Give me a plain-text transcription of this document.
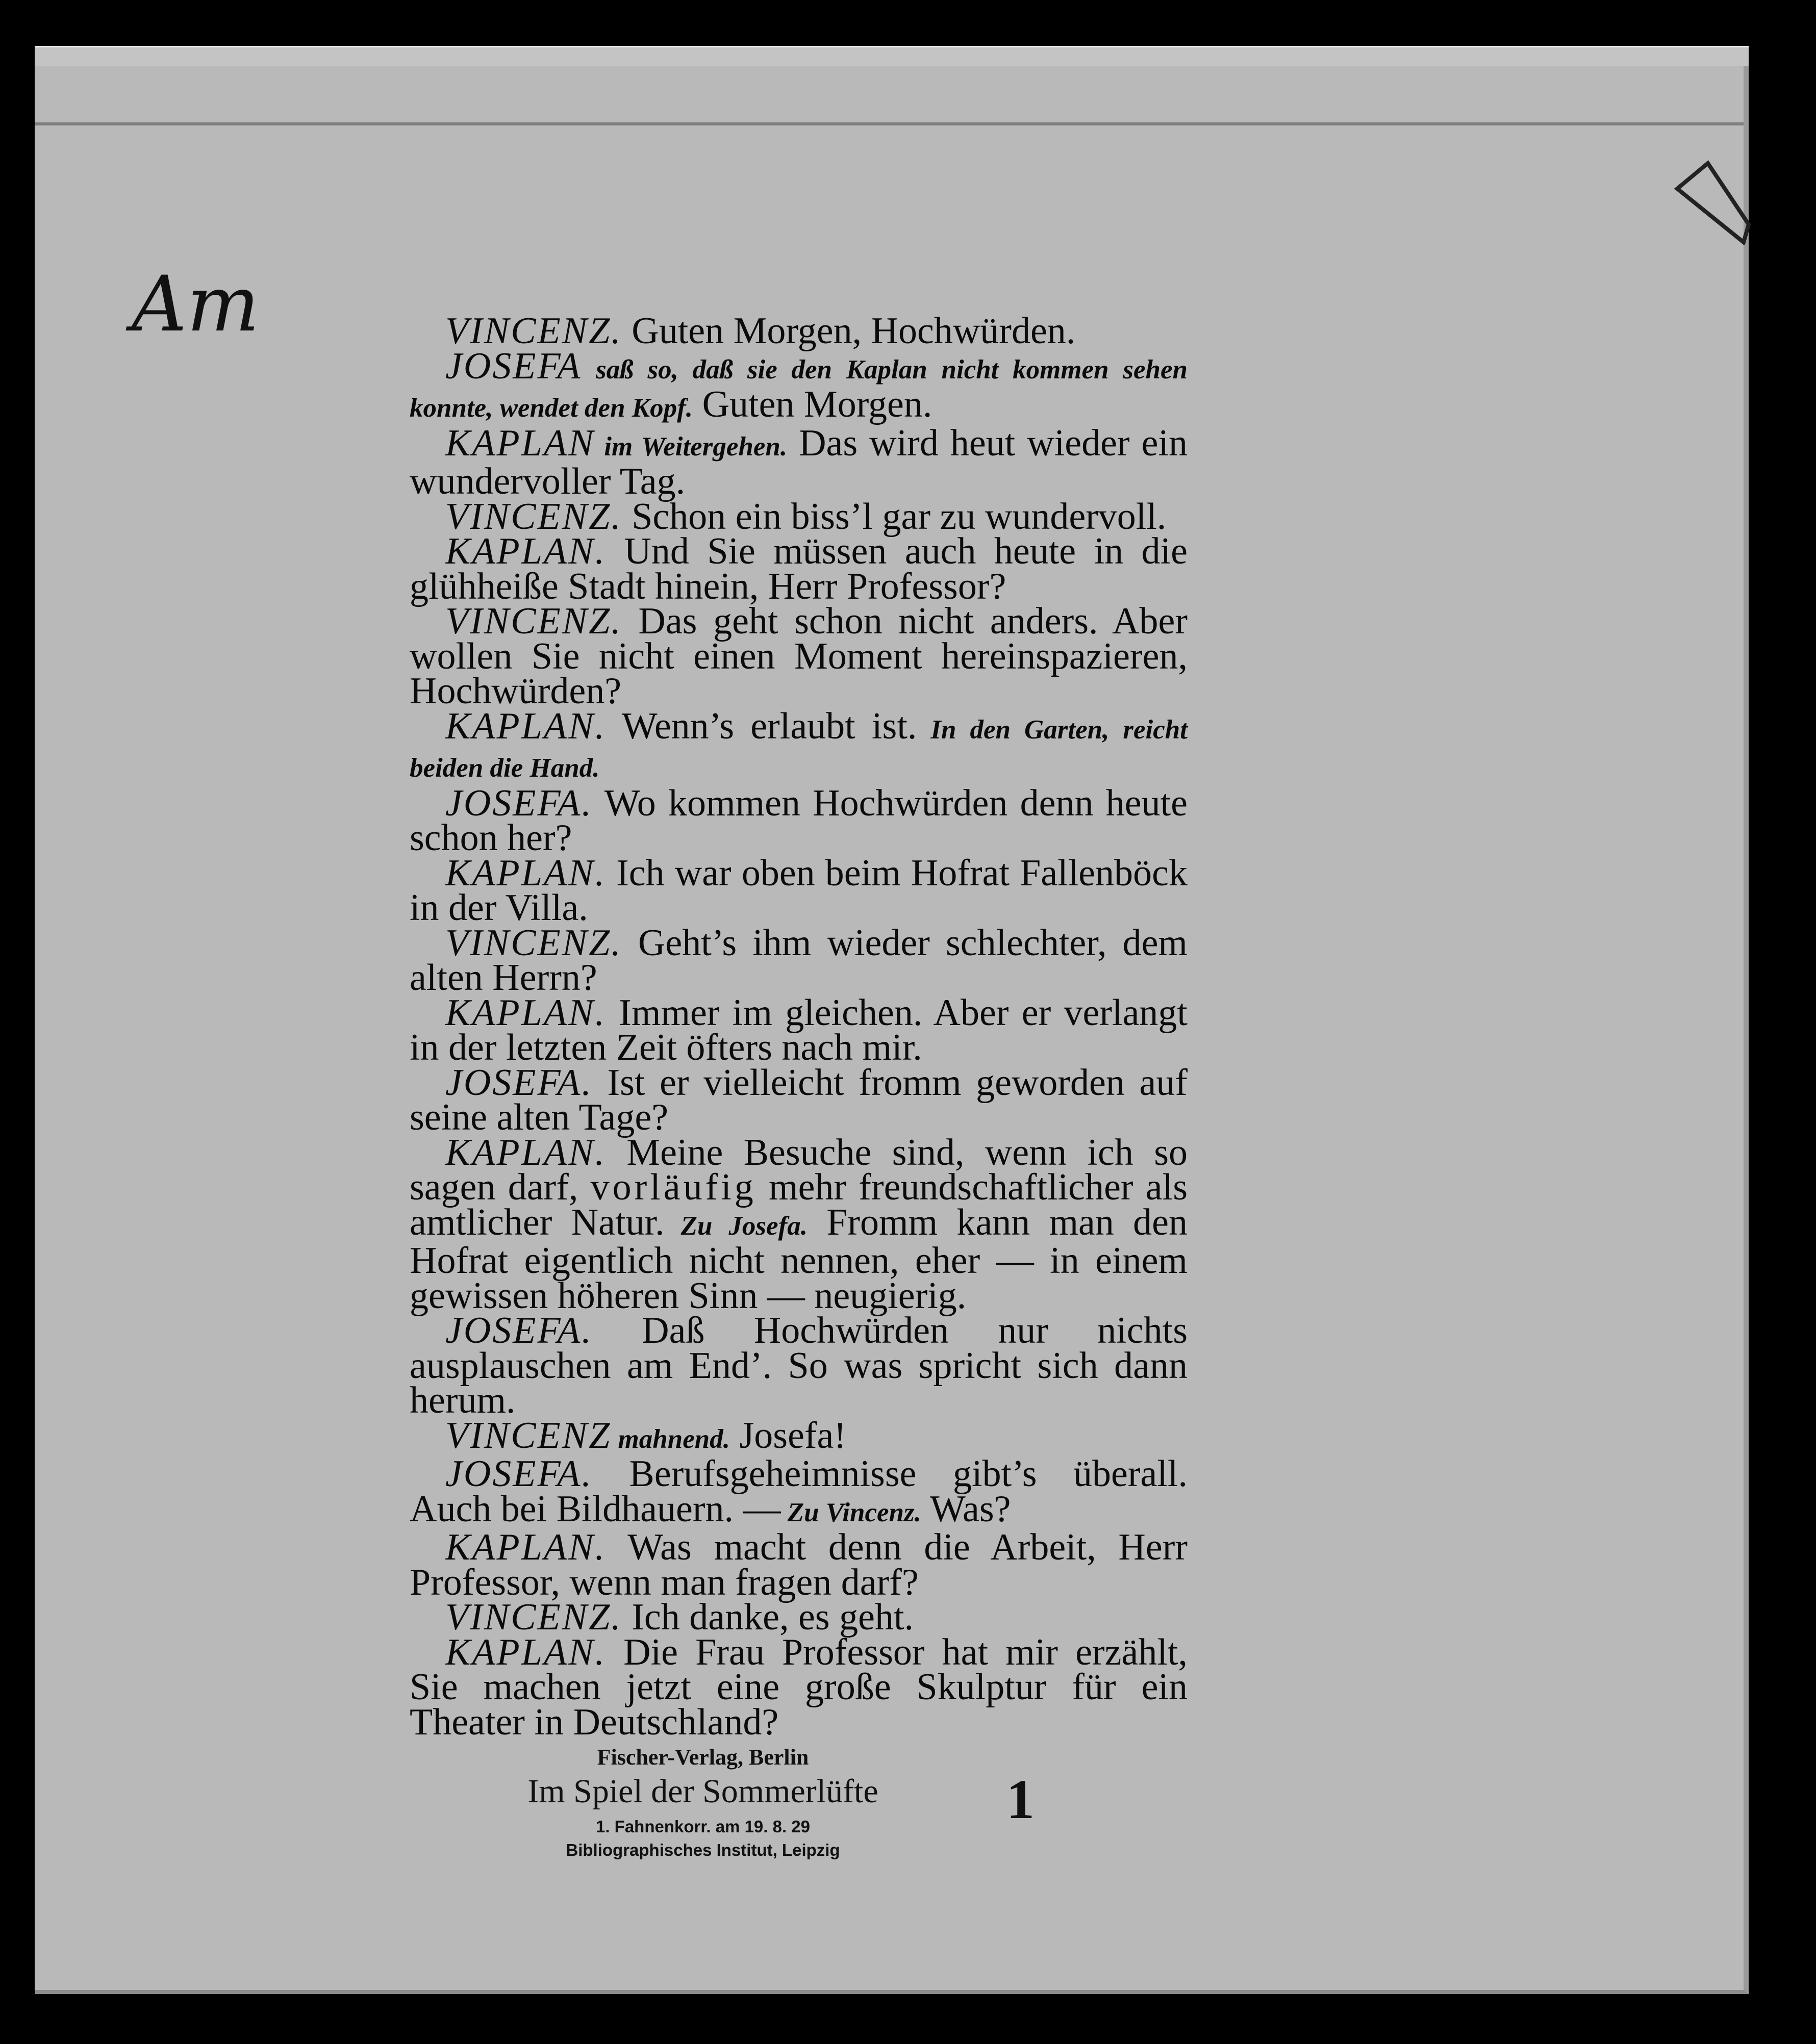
Am	VINCENZ. Guten Morgen, Hochwürden.

JOSEFA saß so, daß sie den Kaplan nicht kommen sehen konnte, wendet den Kopf. Guten Morgen.

KAPLAN im Weitergehen. Das wird heut wieder ein wundervoller Tag.

VINCENZ. Schon ein biss’l gar zu wundervoll.

KAPLAN. Und Sie müssen auch heute in die glühheiße Stadt hinein, Herr Professor?

VINCENZ. Das geht schon nicht anders. Aber wollen Sie nicht einen Moment hereinspazieren, Hochwürden?

KAPLAN. Wenn’s erlaubt ist. In den Garten, reicht beiden die Hand.

JOSEFA. Wo kommen Hochwürden denn heute schon her?

KAPLAN. Ich war oben beim Hofrat Fallenböck in der Villa.

VINCENZ. Geht’s ihm wieder schlechter, dem alten Herrn?

KAPLAN. Immer im gleichen. Aber er verlangt in der letzten Zeit öfters nach mir.

JOSEFA. Ist er vielleicht fromm geworden auf seine alten Tage?

KAPLAN. Meine Besuche sind, wenn ich so sagen darf, vorläufig mehr freundschaftlicher als amtlicher Natur. Zu Josefa. Fromm kann man den Hofrat eigentlich nicht nennen, eher — in einem gewissen höheren Sinn — neugierig.

JOSEFA. Daß Hochwürden nur nichts ausplauschen am End’. So was spricht sich dann herum.

VINCENZ mahnend. Josefa!

JOSEFA. Berufsgeheimnisse gibt’s überall. Auch bei Bildhauern. — Zu Vincenz. Was?

KAPLAN. Was macht denn die Arbeit, Herr Professor, wenn man fragen darf?

VINCENZ. Ich danke, es geht.

KAPLAN. Die Frau Professor hat mir erzählt, Sie machen jetzt eine große Skulptur für ein Theater in Deutschland?

Fischer-Verlag, Berlin
Im Spiel der Sommerlüfte
1. Fahnenkorr. am 19. 8. 29
Bibliographisches Institut, Leipzig
1
